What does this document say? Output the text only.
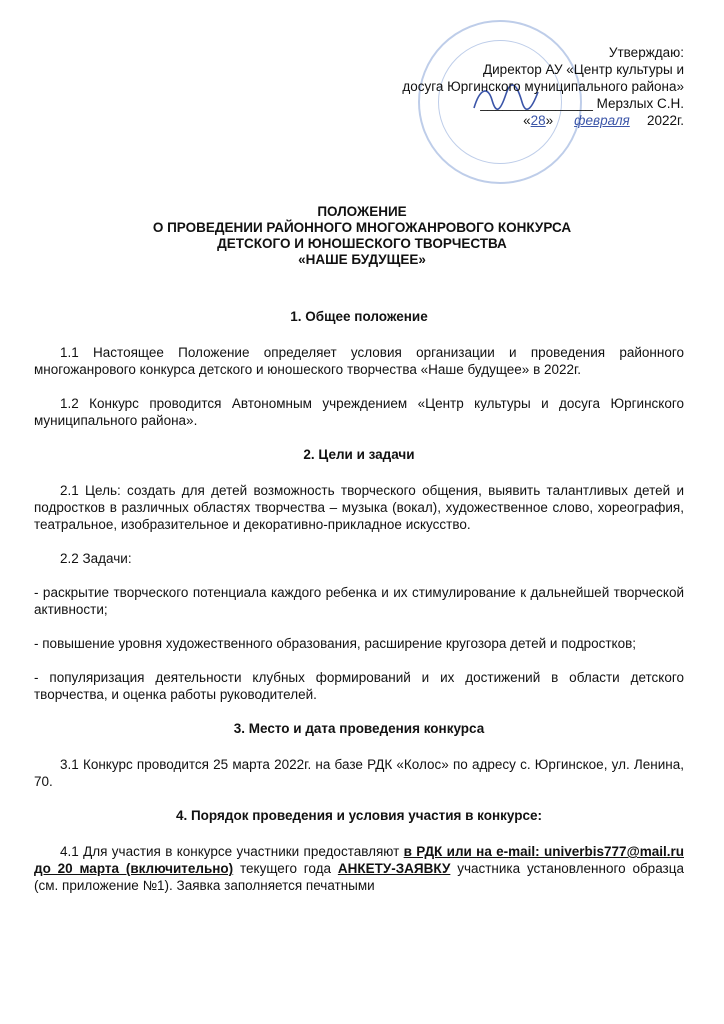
Утверждаю:
Директор АУ «Центр культуры и
досуга Юргинского муниципального района»
_______________ Мерзлых С.Н.
«28» февраля 2022г.
ПОЛОЖЕНИЕ
О ПРОВЕДЕНИИ РАЙОННОГО МНОГОЖАНРОВОГО КОНКУРСА
ДЕТСКОГО И ЮНОШЕСКОГО ТВОРЧЕСТВА
«НАШЕ БУДУЩЕЕ»
1. Общее положение
1.1 Настоящее Положение определяет условия организации и проведения районного многожанрового конкурса детского и юношеского творчества «Наше будущее» в 2022г.
1.2 Конкурс проводится Автономным учреждением «Центр культуры и досуга Юргинского муниципального района».
2. Цели и задачи
2.1 Цель: создать для детей возможность творческого общения, выявить талантливых детей и подростков в различных областях творчества – музыка (вокал), художественное слово, хореография, театральное, изобразительное и декоративно-прикладное искусство.
2.2 Задачи:
- раскрытие творческого потенциала каждого ребенка и их стимулирование к дальнейшей творческой активности;
- повышение уровня художественного образования, расширение кругозора детей и подростков;
- популяризация деятельности клубных формирований и их достижений в области детского творчества, и оценка работы руководителей.
3. Место и дата проведения конкурса
3.1 Конкурс проводится 25 марта 2022г. на базе РДК «Колос» по адресу с. Юргинское, ул. Ленина, 70.
4. Порядок проведения и условия участия в конкурсе:
4.1 Для участия в конкурсе участники предоставляют в РДК или на e-mail: univerbis777@mail.ru до 20 марта (включительно) текущего года АНКЕТУ-ЗАЯВКУ участника установленного образца (см. приложение №1). Заявка заполняется печатными
